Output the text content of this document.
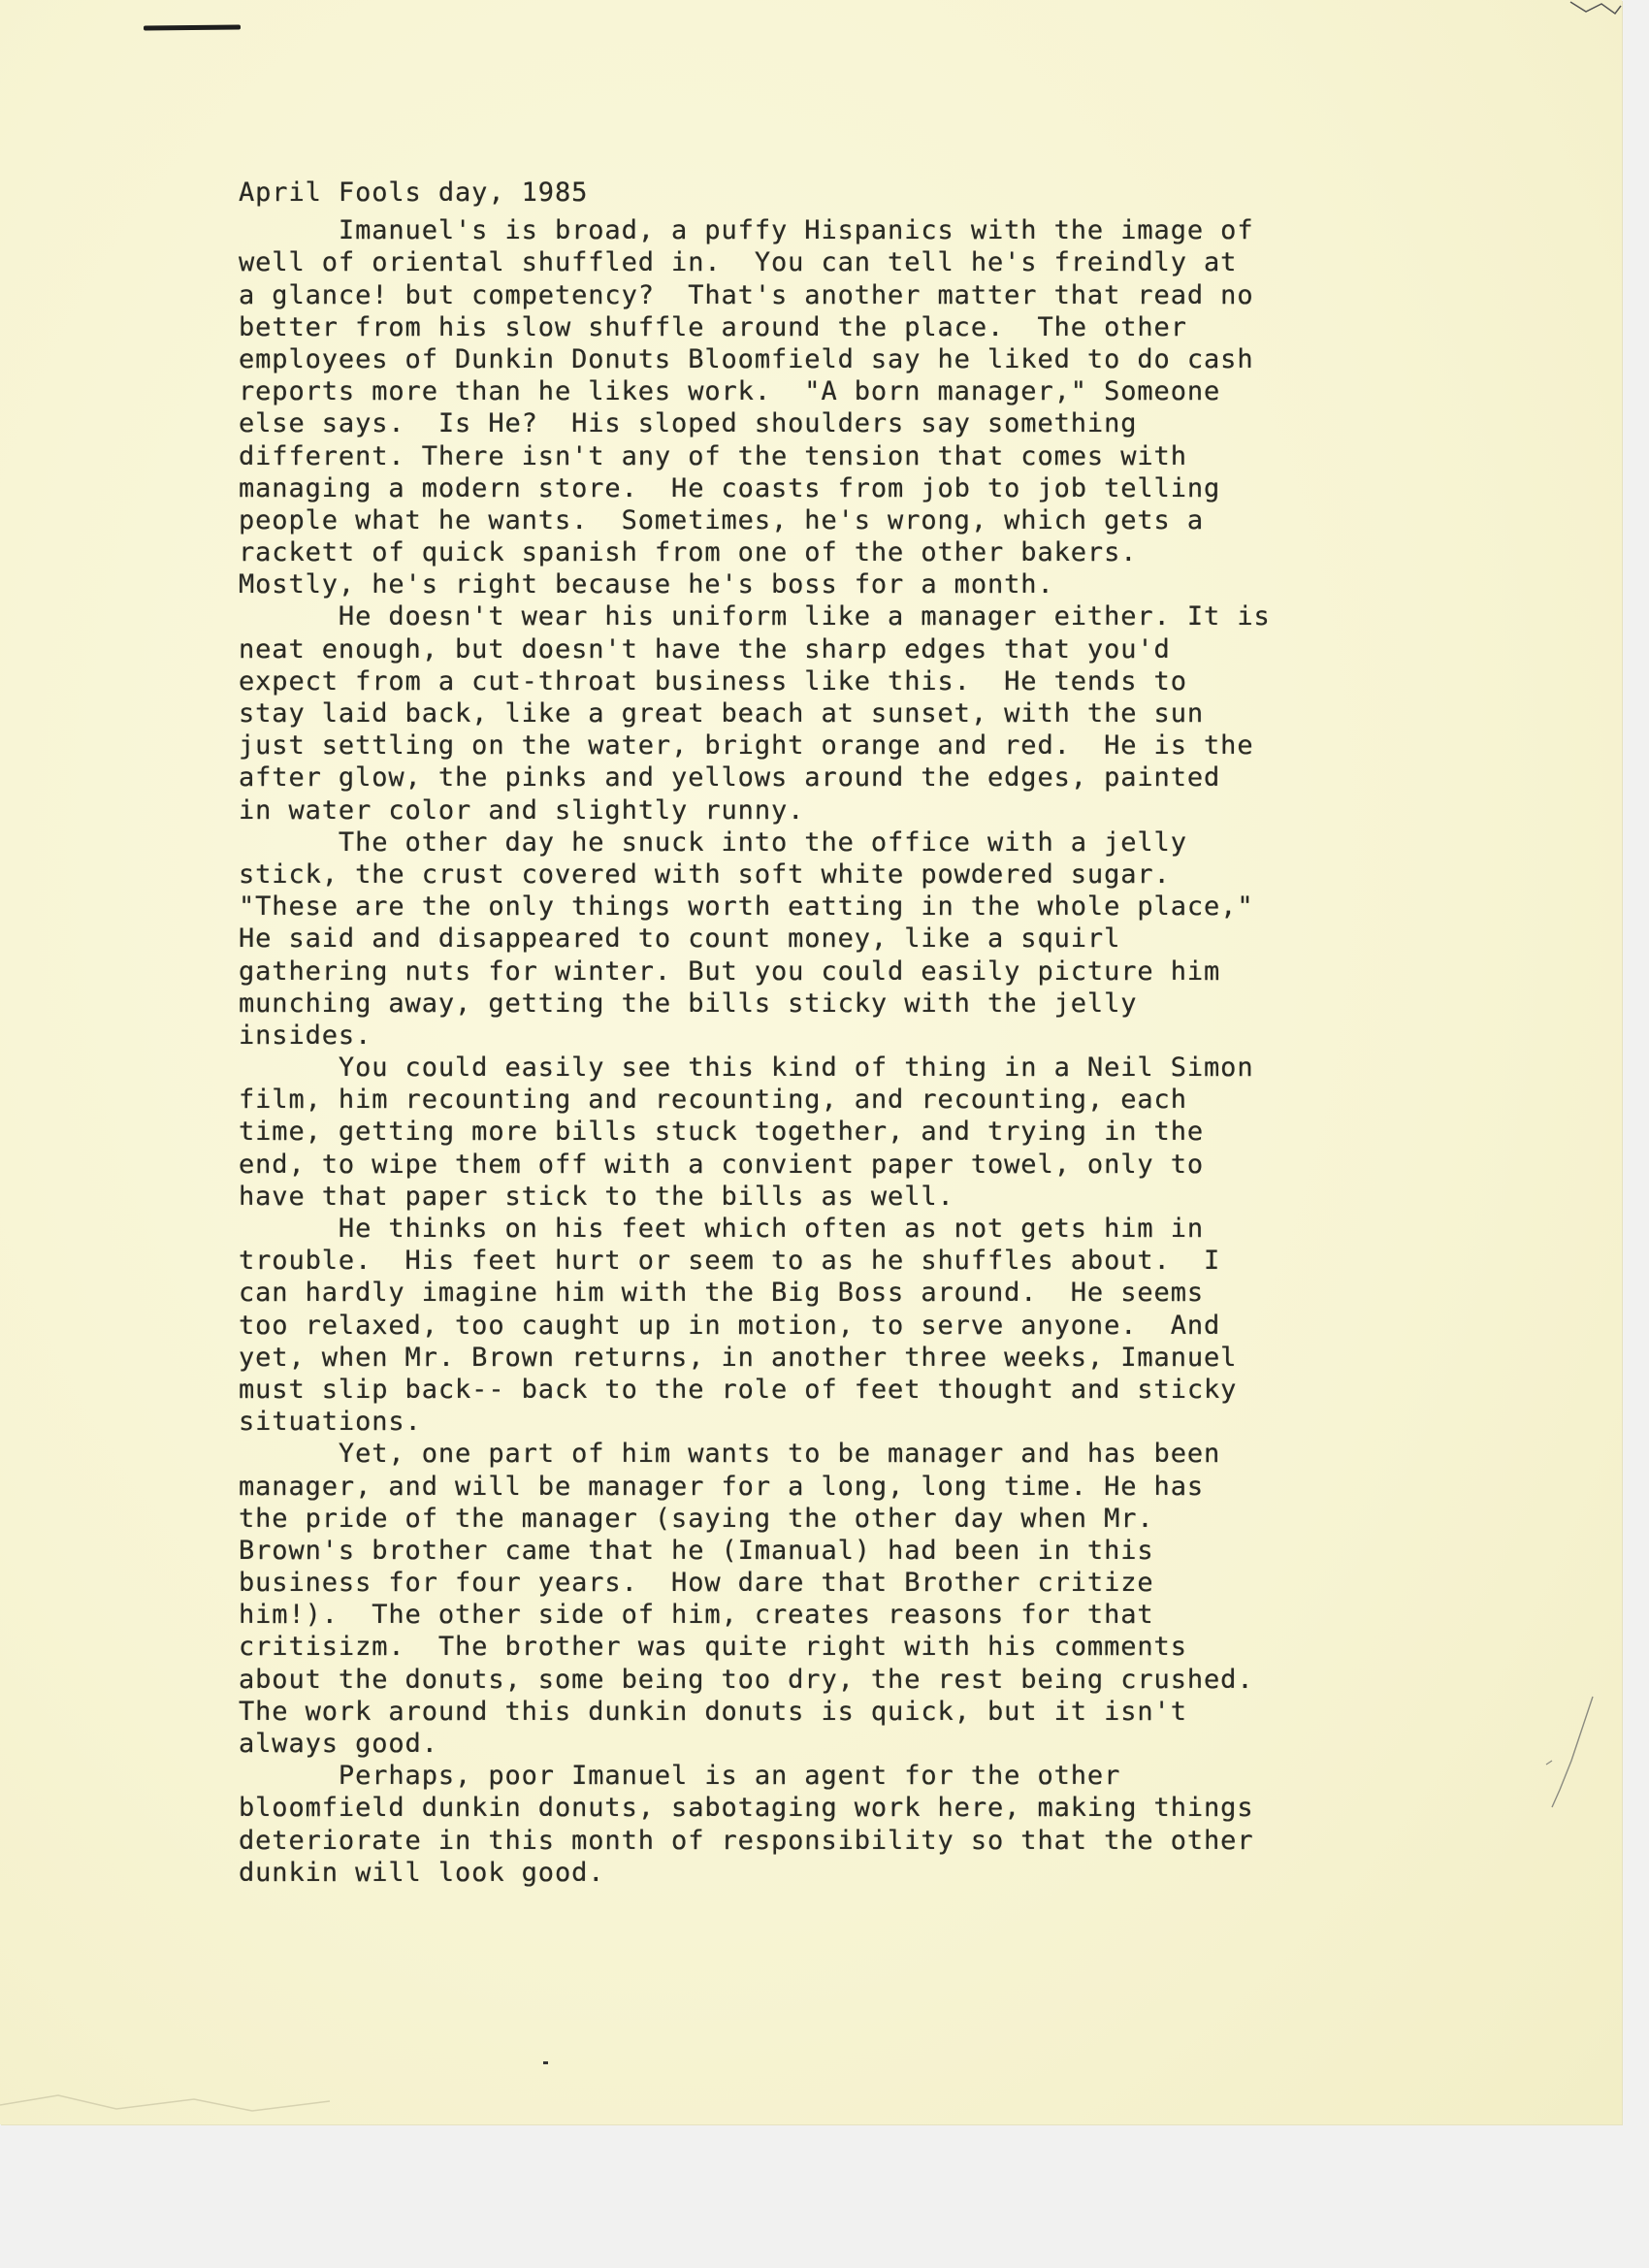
April Fools day, 1985
Imanuel's is broad, a puffy Hispanics with the image of
well of oriental shuffled in.  You can tell he's freindly at
a glance! but competency?  That's another matter that read no
better from his slow shuffle around the place.  The other
employees of Dunkin Donuts Bloomfield say he liked to do cash
reports more than he likes work.  "A born manager," Someone
else says.  Is He?  His sloped shoulders say something
different. There isn't any of the tension that comes with
managing a modern store.  He coasts from job to job telling
people what he wants.  Sometimes, he's wrong, which gets a
rackett of quick spanish from one of the other bakers.
Mostly, he's right because he's boss for a month.
He doesn't wear his uniform like a manager either. It is
neat enough, but doesn't have the sharp edges that you'd
expect from a cut-throat business like this.  He tends to
stay laid back, like a great beach at sunset, with the sun
just settling on the water, bright orange and red.  He is the
after glow, the pinks and yellows around the edges, painted
in water color and slightly runny.
The other day he snuck into the office with a jelly
stick, the crust covered with soft white powdered sugar.
"These are the only things worth eatting in the whole place,"
He said and disappeared to count money, like a squirl
gathering nuts for winter. But you could easily picture him
munching away, getting the bills sticky with the jelly
insides.
You could easily see this kind of thing in a Neil Simon
film, him recounting and recounting, and recounting, each
time, getting more bills stuck together, and trying in the
end, to wipe them off with a convient paper towel, only to
have that paper stick to the bills as well.
He thinks on his feet which often as not gets him in
trouble.  His feet hurt or seem to as he shuffles about.  I
can hardly imagine him with the Big Boss around.  He seems
too relaxed, too caught up in motion, to serve anyone.  And
yet, when Mr. Brown returns, in another three weeks, Imanuel
must slip back-- back to the role of feet thought and sticky
situations.
Yet, one part of him wants to be manager and has been
manager, and will be manager for a long, long time. He has
the pride of the manager (saying the other day when Mr.
Brown's brother came that he (Imanual) had been in this
business for four years.  How dare that Brother critize
him!).  The other side of him, creates reasons for that
critisizm.  The brother was quite right with his comments
about the donuts, some being too dry, the rest being crushed.
The work around this dunkin donuts is quick, but it isn't
always good.
Perhaps, poor Imanuel is an agent for the other
bloomfield dunkin donuts, sabotaging work here, making things
deteriorate in this month of responsibility so that the other
dunkin will look good.
